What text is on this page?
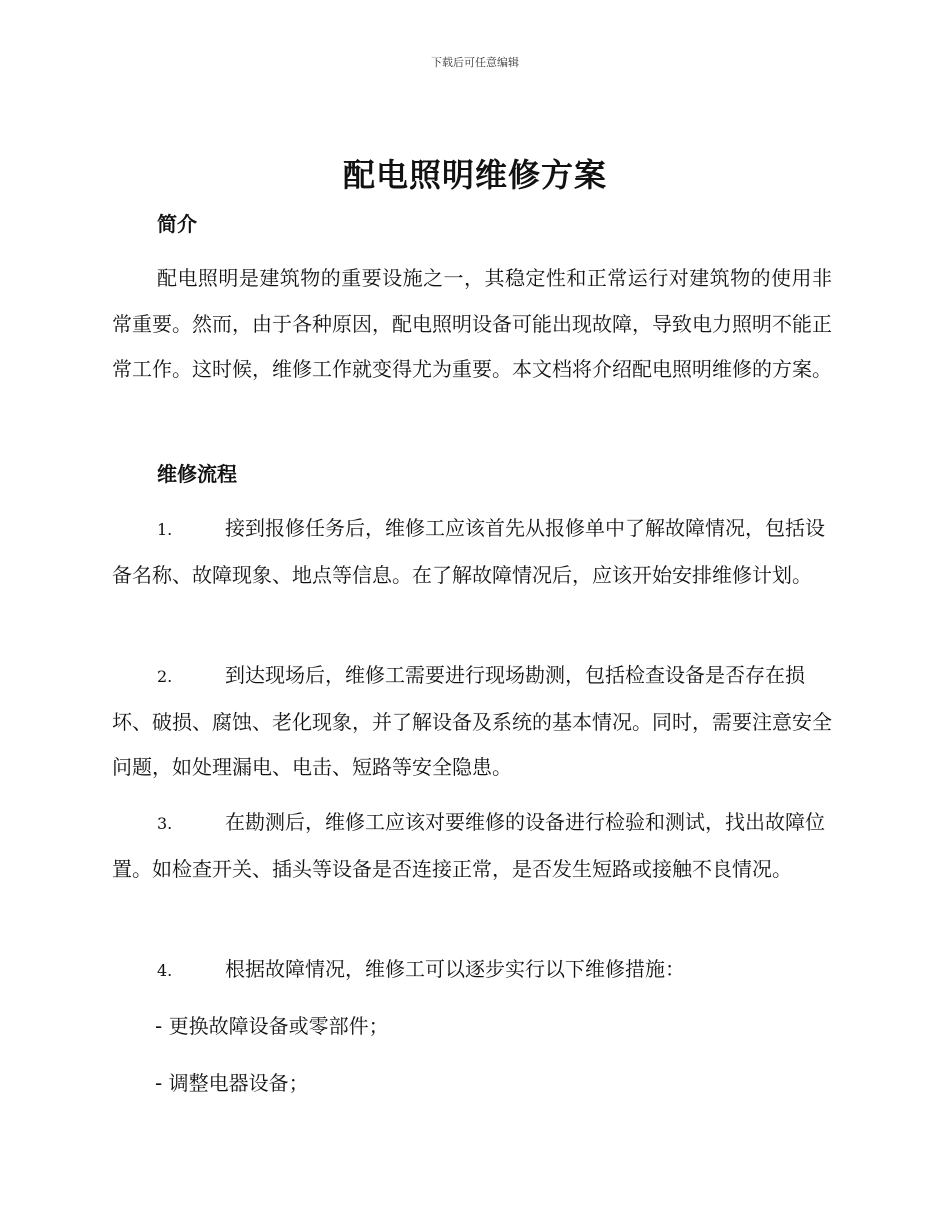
下载后可任意编辑
配电照明维修方案
简介

配电照明是建筑物的重要设施之一，其稳定性和正常运行对建筑物的使用非常重要。然而，由于各种原因，配电照明设备可能出现故障，导致电力照明不能正常工作。这时候，维修工作就变得尤为重要。本文档将介绍配电照明维修的方案。

维修流程

1.	接到报修任务后，维修工应该首先从报修单中了解故障情况，包括设备名称、故障现象、地点等信息。在了解故障情况后，应该开始安排维修计划。

2.	到达现场后，维修工需要进行现场勘测，包括检查设备是否存在损坏、破损、腐蚀、老化现象，并了解设备及系统的基本情况。同时，需要注意安全问题，如处理漏电、电击、短路等安全隐患。

3.	在勘测后，维修工应该对要维修的设备进行检验和测试，找出故障位置。如检查开关、插头等设备是否连接正常，是否发生短路或接触不良情况。

4.	根据故障情况，维修工可以逐步实行以下维修措施：

- 更换故障设备或零部件；

- 调整电器设备；
